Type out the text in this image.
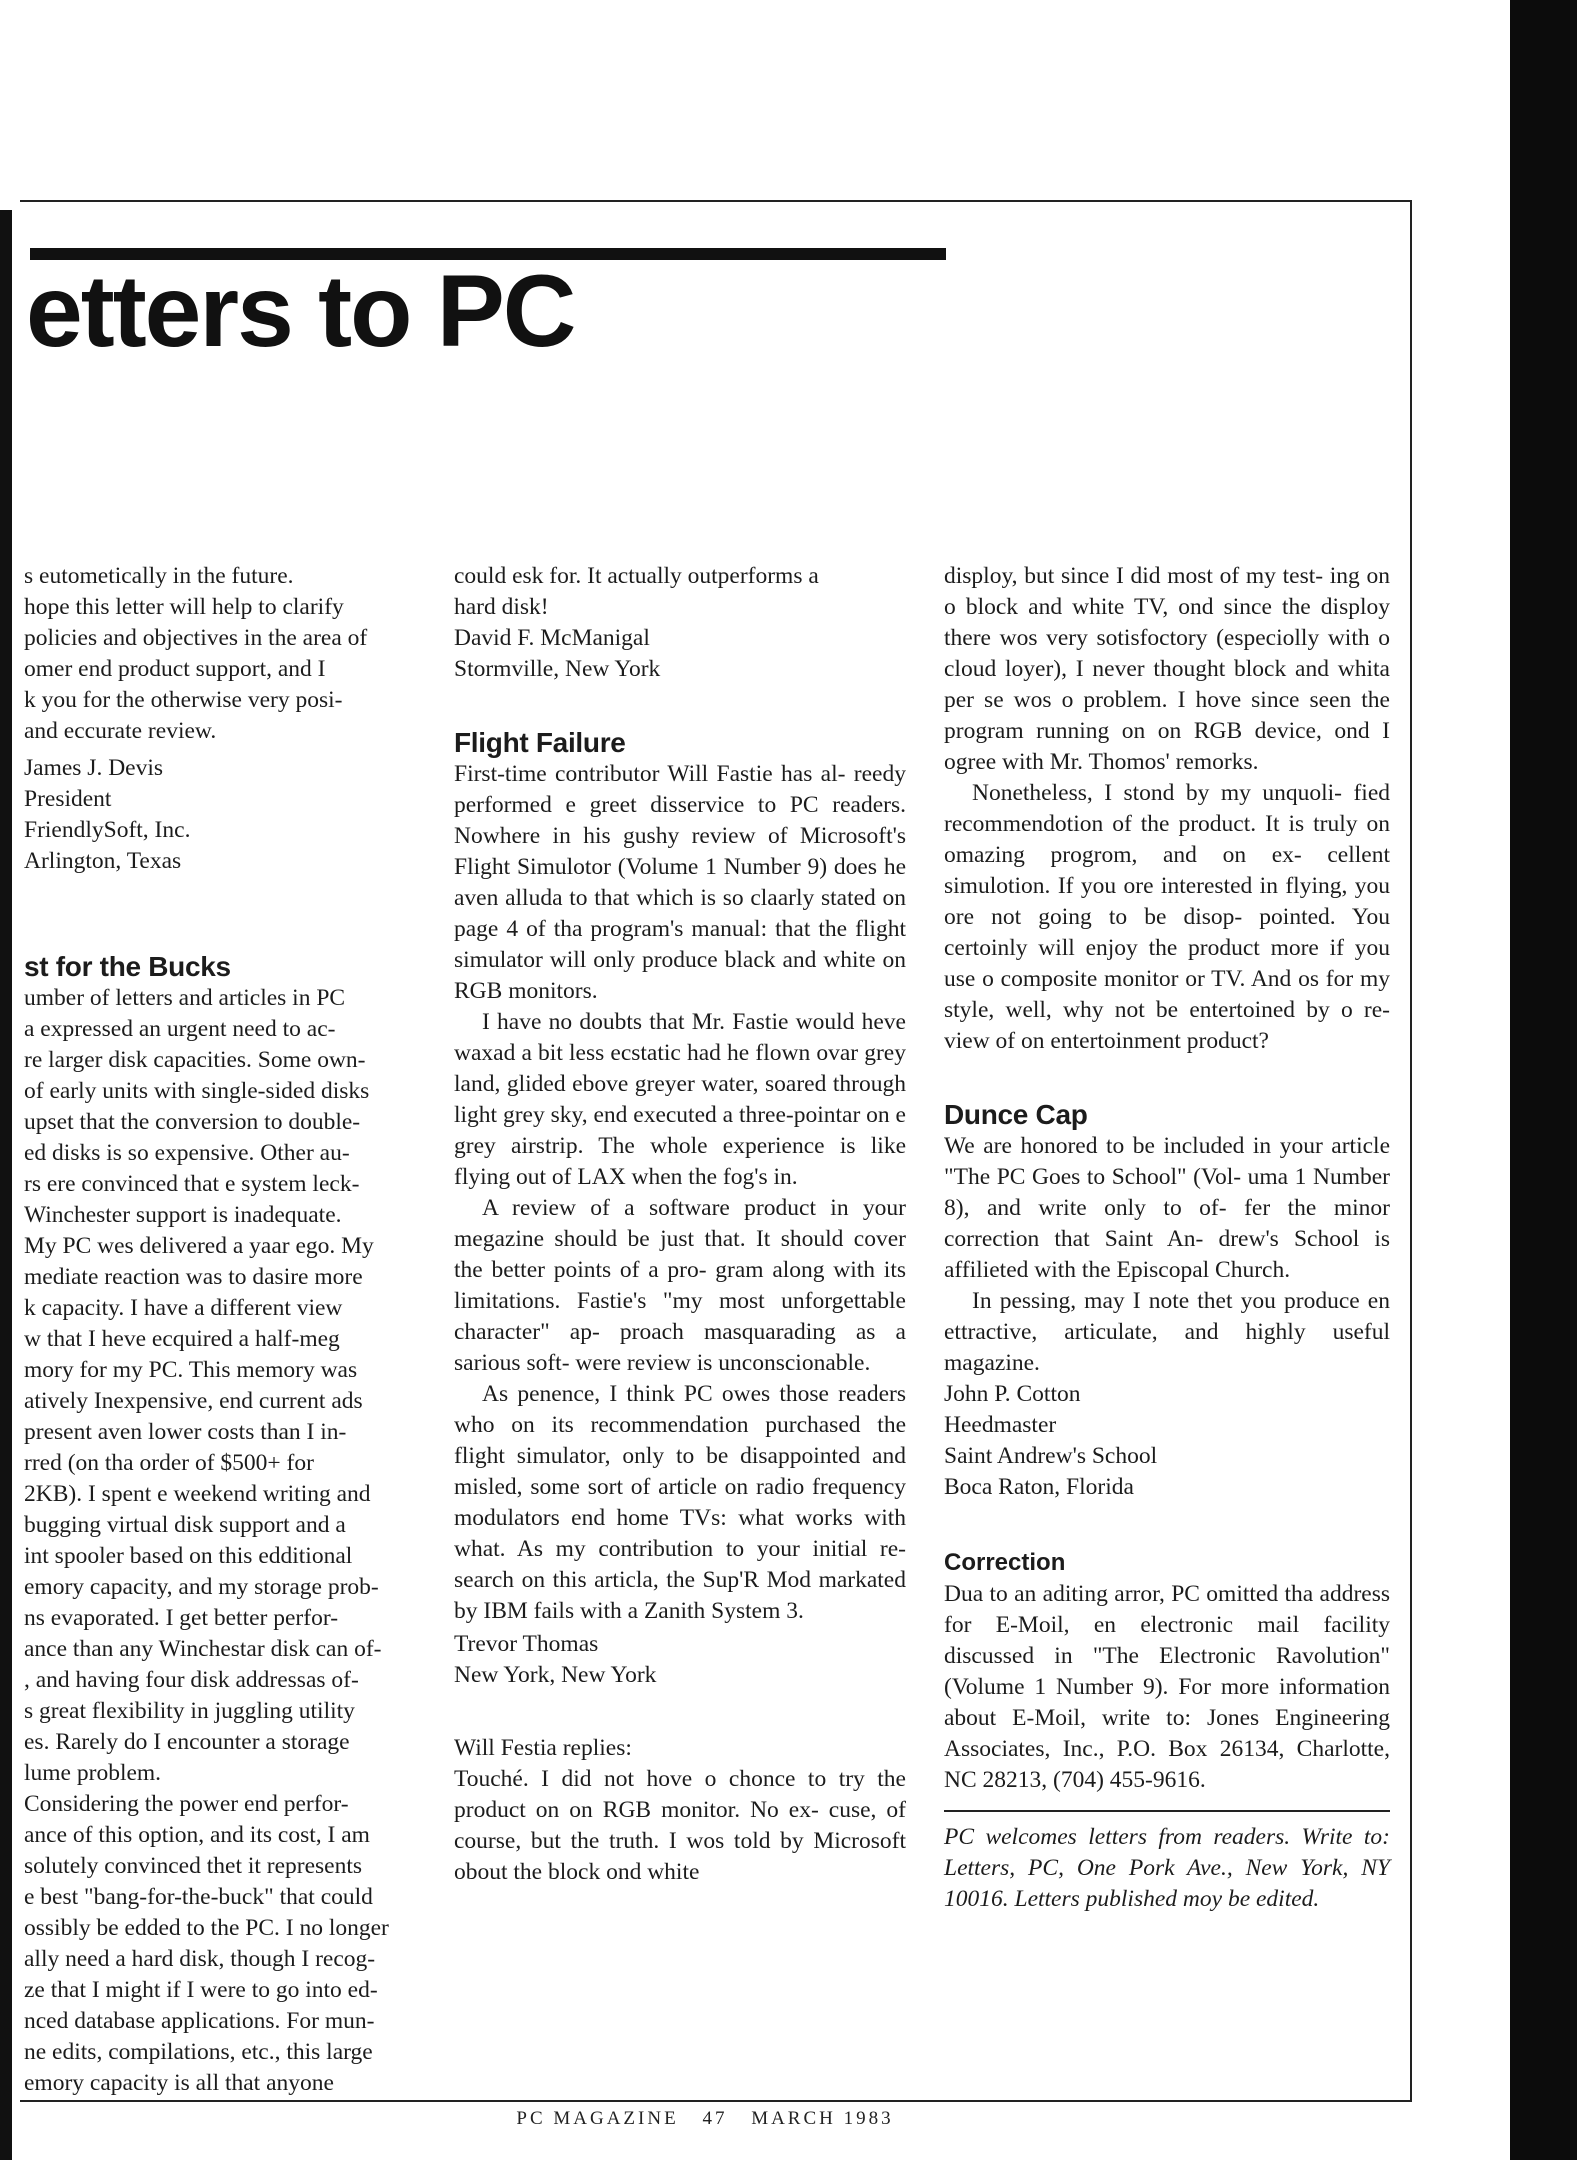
etters to PC

s eutometically in the future.

hope this letter will help to clarify

policies and objectives in the area of

omer end product support, and I

k you for the otherwise very posi-

and eccurate review.

James J. Devis

President

FriendlySoft, Inc.

Arlington, Texas

st for the Bucks

umber of letters and articles in PC

a expressed an urgent need to ac-

re larger disk capacities. Some own-

of early units with single-sided disks

upset that the conversion to double-

ed disks is so expensive. Other au-

rs ere convinced that e system leck-

Winchester support is inadequate.

My PC wes delivered a yaar ego. My

mediate reaction was to dasire more

k capacity. I have a different view

w that I heve ecquired a half-meg

mory for my PC. This memory was

atively Inexpensive, end current ads

present aven lower costs than I in-

rred (on tha order of $500+ for

2KB). I spent e weekend writing and

bugging virtual disk support and a

int spooler based on this edditional

emory capacity, and my storage prob-

ns evaporated. I get better perfor-

ance than any Winchestar disk can of-

, and having four disk addressas of-

s great flexibility in juggling utility

es. Rarely do I encounter a storage

lume problem.

Considering the power end perfor-

ance of this option, and its cost, I am

solutely convinced thet it represents

e best "bang-for-the-buck" that could

ossibly be edded to the PC. I no longer

ally need a hard disk, though I recog-

ze that I might if I were to go into ed-

nced database applications. For mun-

ne edits, compilations, etc., this large

emory capacity is all that anyone

could esk for. It actually outperforms a

hard disk!

David F. McManigal

Stormville, New York

Flight Failure

First-time contributor Will Fastie has al- reedy performed e greet disservice to PC readers. Nowhere in his gushy review of Microsoft's Flight Simulotor (Volume 1 Number 9) does he aven alluda to that which is so claarly stated on page 4 of tha program's manual: that the flight simulator will only produce black and white on RGB monitors.

I have no doubts that Mr. Fastie would heve waxad a bit less ecstatic had he flown ovar grey land, glided ebove greyer water, soared through light grey sky, end executed a three-pointar on e grey airstrip. The whole experience is like flying out of LAX when the fog's in.

A review of a software product in your megazine should be just that. It should cover the better points of a pro- gram along with its limitations. Fastie's "my most unforgettable character" ap- proach masquarading as a sarious soft- were review is unconscionable.

As penence, I think PC owes those readers who on its recommendation purchased the flight simulator, only to be disappointed and misled, some sort of article on radio frequency modulators end home TVs: what works with what. As my contribution to your initial re- search on this articla, the Sup'R Mod markated by IBM fails with a Zanith System 3.

Trevor Thomas

New York, New York

Will Festia replies:

Touché. I did not hove o chonce to try the product on on RGB monitor. No ex- cuse, of course, but the truth. I wos told by Microsoft obout the block ond white

disploy, but since I did most of my test- ing on o block and white TV, ond since the disploy there wos very sotisfoctory (especiolly with o cloud loyer), I never thought block and whita per se wos o problem. I hove since seen the program running on on RGB device, ond I ogree with Mr. Thomos' remorks.

Nonetheless, I stond by my unquoli- fied recommendotion of the product. It is truly on omazing progrom, and on ex- cellent simulotion. If you ore interested in flying, you ore not going to be disop- pointed. You certoinly will enjoy the product more if you use o composite monitor or TV. And os for my style, well, why not be entertoined by o re- view of on entertoinment product?

Dunce Cap

We are honored to be included in your article "The PC Goes to School" (Vol- uma 1 Number 8), and write only to of- fer the minor correction that Saint An- drew's School is affilieted with the Episcopal Church.

In pessing, may I note thet you produce en ettractive, articulate, and highly useful magazine.

John P. Cotton

Heedmaster

Saint Andrew's School

Boca Raton, Florida

Correction

Dua to an aditing arror, PC omitted tha address for E-Moil, en electronic mail facility discussed in "The Electronic Ravolution" (Volume 1 Number 9). For more information about E-Moil, write to: Jones Engineering Associates, Inc., P.O. Box 26134, Charlotte, NC 28213, (704) 455-9616.

PC welcomes letters from readers. Write to: Letters, PC, One Pork Ave., New York, NY 10016. Letters published moy be edited.

PC MAGAZINE 47 MARCH 1983
